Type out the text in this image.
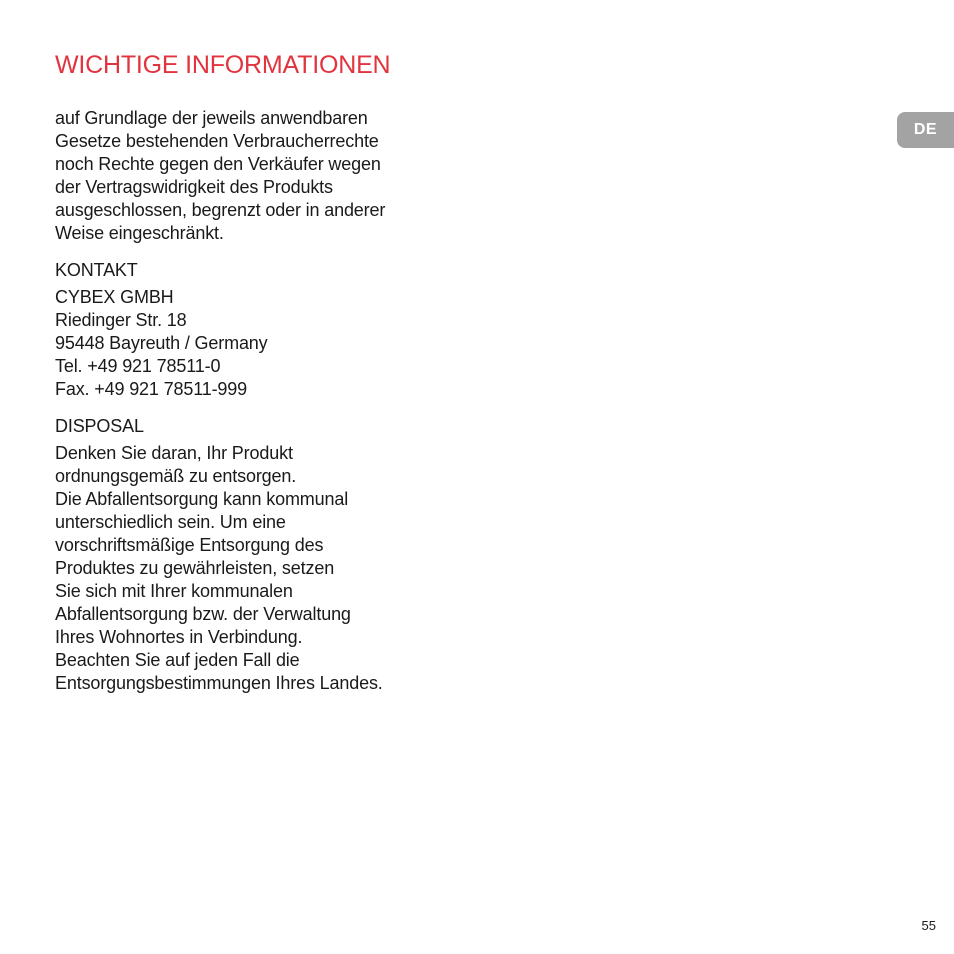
WICHTIGE INFORMATIONEN

auf Grundlage der jeweils anwendbaren
Gesetze bestehenden Verbraucherrechte
noch Rechte gegen den Verkäufer wegen
der Vertragswidrigkeit des Produkts
ausgeschlossen, begrenzt oder in anderer
Weise eingeschränkt.

KONTAKT

CYBEX GMBH
Riedinger Str. 18
95448 Bayreuth / Germany
Tel. +49 921 78511-0
Fax. +49 921 78511-999

DISPOSAL

Denken Sie daran, Ihr Produkt
ordnungsgemäß zu entsorgen.
Die Abfallentsorgung kann kommunal
unterschiedlich sein. Um eine
vorschriftsmäßige Entsorgung des
Produktes zu gewährleisten, setzen
Sie sich mit Ihrer kommunalen
Abfallentsorgung bzw. der Verwaltung
Ihres Wohnortes in Verbindung.
Beachten Sie auf jeden Fall die
Entsorgungsbestimmungen Ihres Landes.

DE
55
